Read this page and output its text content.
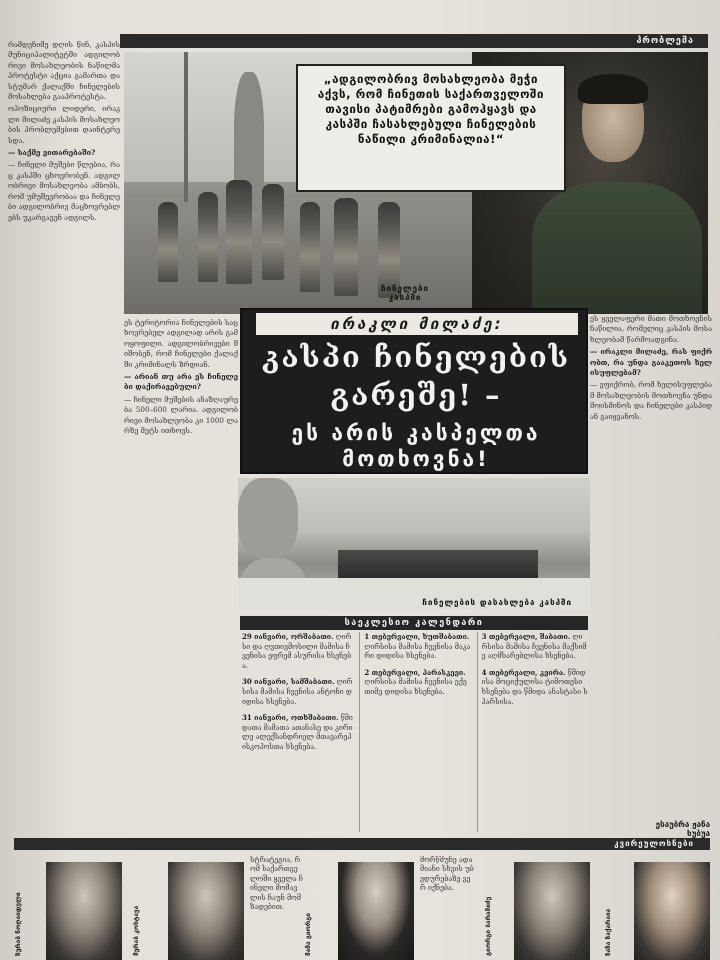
პრობლემა

რამდენიმე დღის წინ, კასპის მუნიციპალიტეტში ადგილობრივი მოსახლეობის ნაწილმა პროტესტი აქცია გამართა და სტუმარ ქალაქში ჩინელების მოსახლება გააპროტესტა.

ოპოზიციური ლიდერი, ირაკლი მილაძე კასპის მოსახლეობის პრობლემებით დაინტერესდა.

— საქმე ვითარებაში?

— ჩინელი მუშები წლებია, რაც კასპში ცხოვრობენ. ადგილობრივი მოსახლეობა ამბობს, რომ უმუშევრობაა და ჩინელები ადგილობრივ მაცხოვრებლებს უკარგავენ ადგილს.

„ადგილობრივ მოსახლეობა მეჭი აქვს, რომ ჩინეთის საქართველოში თავისი პატიმრები გამოჰყავს და კასპში ჩასახლებული ჩინელების ნაწილი კრიმინალია!“
ჩინელები კასპში
ირაკლი მილაძე:
კასპი ჩინელების
გარეშე! –
ეს არის კასპელთა მოთხოვნა!

ეს ტერიტორია ჩინელების საცხოვრებელ ადგილად არის გამოყოფილი. ადგილობრივები შიშობენ, რომ ჩინელები ქალაქში კრიმინალს ზრდიან.

— არიან თუ არა ეს ჩინელები დაქირავებული?

— ჩინელი მუშების ანაზღაურება 500–600 ლარია. ადგილობრივი მოსახლეობა კი 1000 ლარზე მეტს ითხოვს.

ჩინელების დასახლება კასპში

ეს ყველაფერი მათი მოთხოვნის ნაწილია, რომელიც კასპის მოსახლეობამ წარმოადგინა.

— ირაკლი მილაძე, რას ფიქრობთ, რა უნდა გააკეთოს ხელისუფლებამ?

— ვფიქრობ, რომ ხელისუფლებამ მოსახლეობის მოთხოვნა უნდა მოისმინოს და ჩინელები კასპიდან გაიყვანოს.

საეკლესიო კალენდარი
29 იანვარი, ორშაბათი. ღირსი და ღვთივმოსილი მამისა ჩვენისა ეფრემ ასურისა ხსენება.
30 იანვარი, სამშაბათი. ღირსისა მამისა ჩვენისა ანტონი დიდისა ხსენება.
31 იანვარი, ოთხშაბათი. წმიდათა მამათა ათანასე და კირილე ალექსანდრიელ მთავარეპისკოპოსთა ხსენება.
1 თებერვალი, ხუთშაბათი. ღირსისა მამისა ჩვენისა მაკარი დიდისა ხსენება.
2 თებერვალი, პარასკევი. ღირსისა მამისა ჩვენისა ექვთიმე დიდისა ხსენება.
3 თებერვალი, შაბათი. ღირსისა მამისა ჩვენისა მაქსიმე აღმსარებლისა ხსენება.
4 თებერვალი, კვირა. წმიდისა მოციქულისა ტიმოთესი ხსენება და წმიდა ანასტასი სპარსისა.
ესაუბრა ჟანა ხუბუა
კვირეულოსნები
ზურაბ ნოღაიდელი	მერაბ კოსტავა
სტრატეგია, რომ საქართველოში ყველა ჩინელი მომავლის ჩაუნ მომზადებით.
მამა გიორგი
მორწმუნე ადამიანი სხვის უბედურებაზე ვერ იქნება.
გიორგი ბარამიძე	ზაზა ზაქარაია
